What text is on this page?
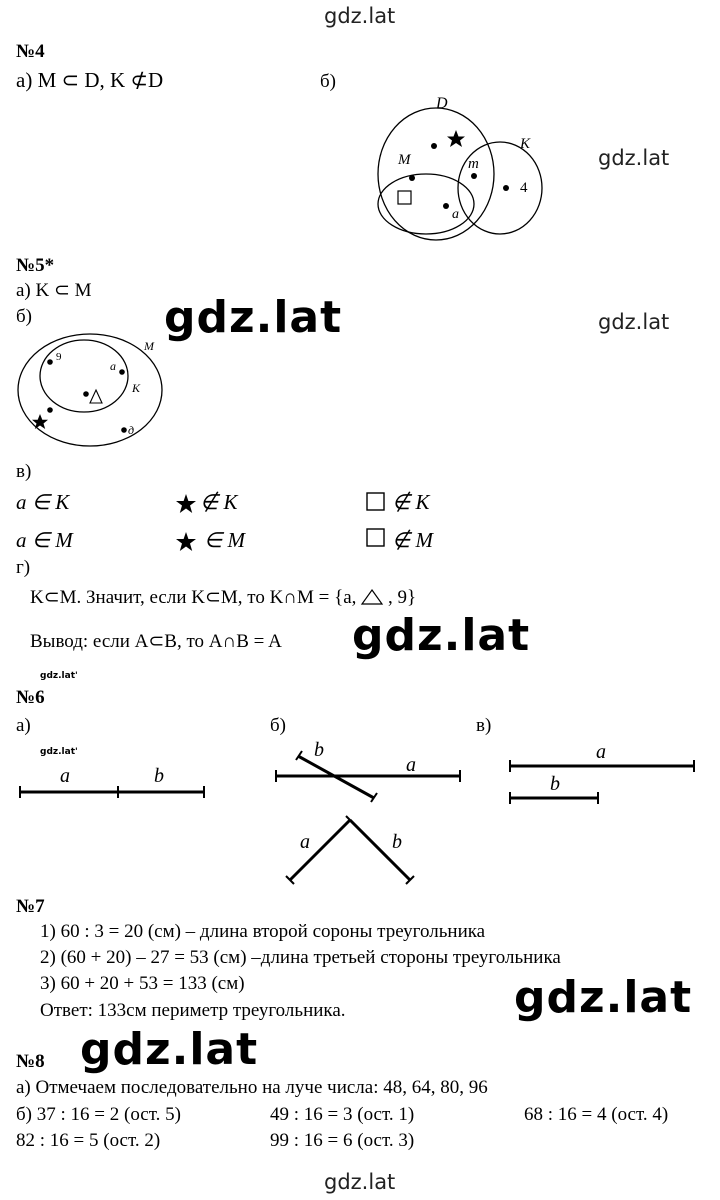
gdz.lat
gdz.lat
gdz.lat	gdz.lat
gdz.lat
gdz.lat'
gdz.lat'
gdz.lat
gdz.lat
gdz.lat
№4
а) M ⊂ D, K ⊄D	б)
D
K
M	m
4
a
№5*
а) K ⊂ M
б)
9
a
M
K
д
в)
a ∈ K	∉ K	∉ K
a ∈ M	∈ M	∉ M
г)
K⊂M. Значит, если K⊂M, то K∩M = {a, , 9}
Вывод: если A⊂B, то A∩B = A
№6
а)	б)	в)
a	b
b
a
a
b
a	b
№7
1) 60 : 3 = 20 (см) – длина второй сороны треугольника
2) (60 + 20) – 27 = 53 (см) –длина третьей стороны треугольника
3) 60 + 20 + 53 = 133 (см)
Ответ: 133см периметр треугольника.
№8
а) Отмечаем последовательно на луче числа: 48, 64, 80, 96
б) 37 : 16 = 2 (ост. 5)	49 : 16 = 3 (ост. 1)	68 : 16 = 4 (ост. 4)
82 : 16 = 5 (ост. 2)	99 : 16 = 6 (ост. 3)
